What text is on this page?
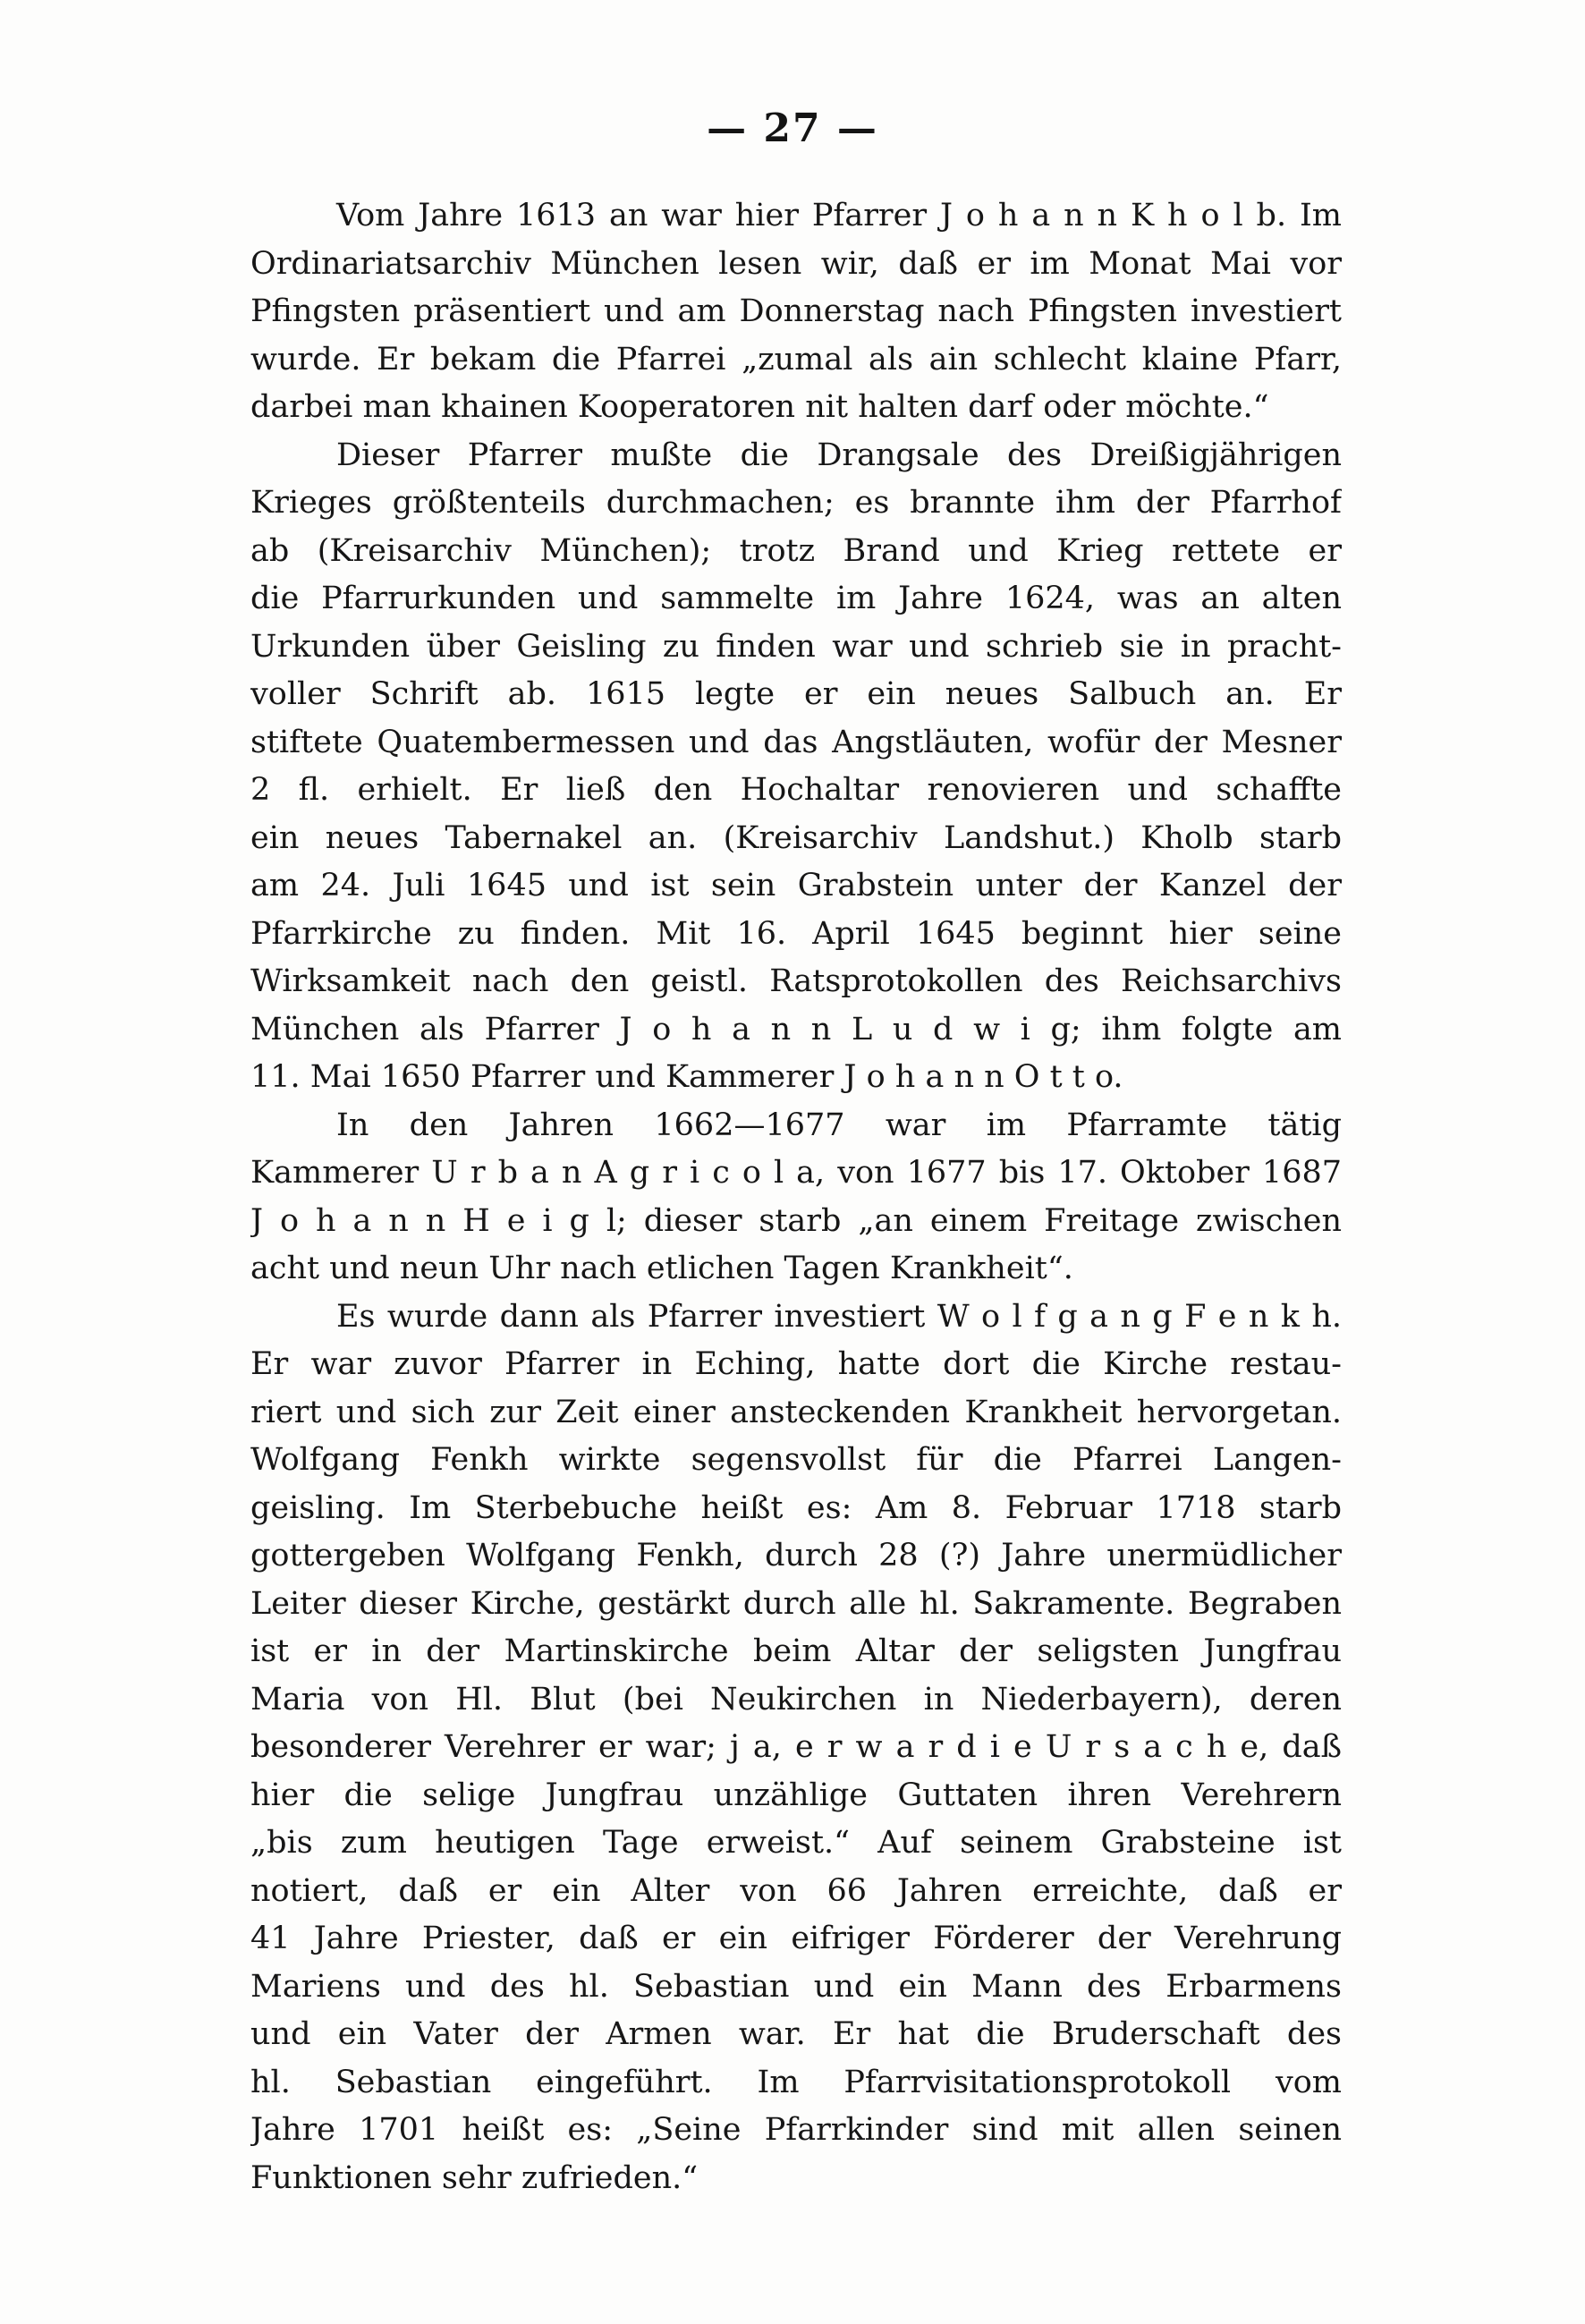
— 27 —
Vom Jahre 1613 an war hier Pfarrer J o h a n n K h o l b. Im
Ordinariatsarchiv München lesen wir, daß er im Monat Mai vor
Pfingsten präsentiert und am Donnerstag nach Pfingsten investiert
wurde. Er bekam die Pfarrei „zumal als ain schlecht klaine Pfarr,
darbei man khainen Kooperatoren nit halten darf oder möchte.“
Dieser Pfarrer mußte die Drangsale des Dreißigjährigen
Krieges größtenteils durchmachen; es brannte ihm der Pfarrhof
ab (Kreisarchiv München); trotz Brand und Krieg rettete er
die Pfarrurkunden und sammelte im Jahre 1624, was an alten
Urkunden über Geisling zu finden war und schrieb sie in pracht-
voller Schrift ab. 1615 legte er ein neues Salbuch an. Er
stiftete Quatembermessen und das Angstläuten, wofür der Mesner
2 fl. erhielt. Er ließ den Hochaltar renovieren und schaffte
ein neues Tabernakel an. (Kreisarchiv Landshut.) Kholb starb
am 24. Juli 1645 und ist sein Grabstein unter der Kanzel der
Pfarrkirche zu finden. Mit 16. April 1645 beginnt hier seine
Wirksamkeit nach den geistl. Ratsprotokollen des Reichsarchivs
München als Pfarrer J o h a n n L u d w i g; ihm folgte am
11. Mai 1650 Pfarrer und Kammerer J o h a n n O t t o.
In den Jahren 1662—1677 war im Pfarramte tätig
Kammerer U r b a n A g r i c o l a, von 1677 bis 17. Oktober 1687
J o h a n n H e i g l; dieser starb „an einem Freitage zwischen
acht und neun Uhr nach etlichen Tagen Krankheit“.
Es wurde dann als Pfarrer investiert W o l f g a n g F e n k h.
Er war zuvor Pfarrer in Eching, hatte dort die Kirche restau-
riert und sich zur Zeit einer ansteckenden Krankheit hervorgetan.
Wolfgang Fenkh wirkte segensvollst für die Pfarrei Langen-
geisling. Im Sterbebuche heißt es: Am 8. Februar 1718 starb
gottergeben Wolfgang Fenkh, durch 28 (?) Jahre unermüdlicher
Leiter dieser Kirche, gestärkt durch alle hl. Sakramente. Begraben
ist er in der Martinskirche beim Altar der seligsten Jungfrau
Maria von Hl. Blut (bei Neukirchen in Niederbayern), deren
besonderer Verehrer er war; j a, e r w a r d i e U r s a c h e, daß
hier die selige Jungfrau unzählige Guttaten ihren Verehrern
„bis zum heutigen Tage erweist.“ Auf seinem Grabsteine ist
notiert, daß er ein Alter von 66 Jahren erreichte, daß er
41 Jahre Priester, daß er ein eifriger Förderer der Verehrung
Mariens und des hl. Sebastian und ein Mann des Erbarmens
und ein Vater der Armen war. Er hat die Bruderschaft des
hl. Sebastian eingeführt. Im Pfarrvisitationsprotokoll vom
Jahre 1701 heißt es: „Seine Pfarrkinder sind mit allen seinen
Funktionen sehr zufrieden.“
